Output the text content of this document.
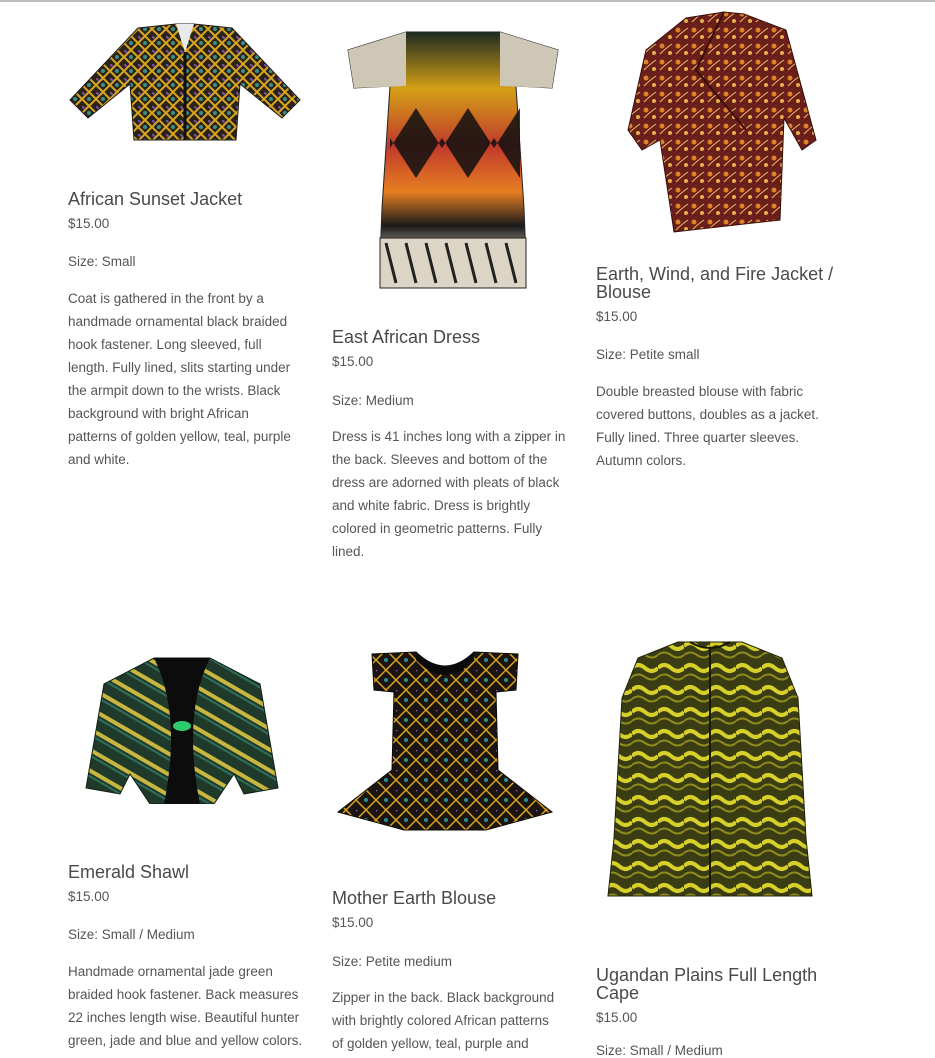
African Sunset Jacket
$15.00
Size: Small
Coat is gathered in the front by a
handmade ornamental black braided
hook fastener. Long sleeved, full
length. Fully lined, slits starting under
the armpit down to the wrists. Black
background with bright African
patterns of golden yellow, teal, purple
and white.
East African Dress
$15.00
Size: Medium
Dress is 41 inches long with a zipper in
the back. Sleeves and bottom of the
dress are adorned with pleats of black
and white fabric. Dress is brightly
colored in geometric patterns. Fully
lined.
Earth, Wind, and Fire Jacket /
Blouse
$15.00
Size: Petite small
Double breasted blouse with fabric
covered buttons, doubles as a jacket.
Fully lined. Three quarter sleeves.
Autumn colors.
Emerald Shawl
$15.00
Size: Small / Medium
Handmade ornamental jade green
braided hook fastener. Back measures
22 inches length wise. Beautiful hunter
green, jade and blue and yellow colors.
Mother Earth Blouse
$15.00
Size: Petite medium
Zipper in the back. Black background
with brightly colored African patterns
of golden yellow, teal, purple and
Ugandan Plains Full Length
Cape
$15.00
Size: Small / Medium
